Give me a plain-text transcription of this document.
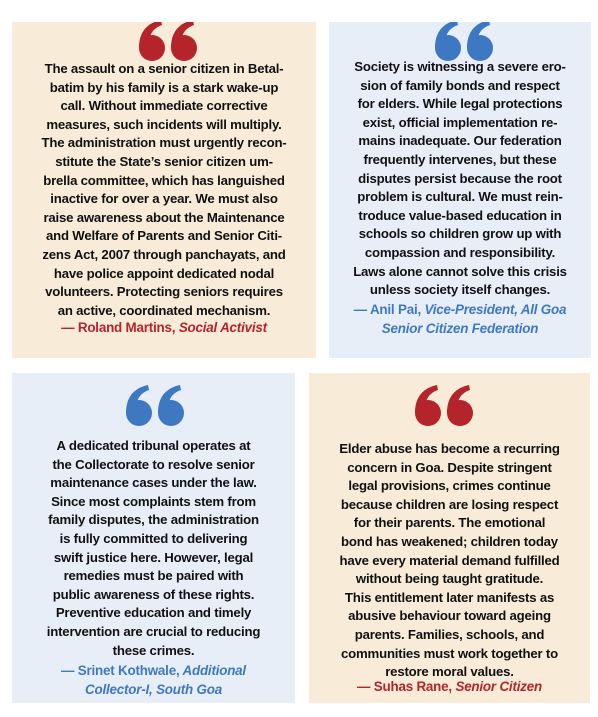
The assault on a senior citizen in Betal-
batim by his family is a stark wake-up
call. Without immediate corrective
measures, such incidents will multiply.
The administration must urgently recon-
stitute the State’s senior citizen um-
brella committee, which has languished
inactive for over a year. We must also
raise awareness about the Maintenance
and Welfare of Parents and Senior Citi-
zens Act, 2007 through panchayats, and
have police appoint dedicated nodal
volunteers. Protecting seniors requires
an active, coordinated mechanism.

— Roland Martins, Social Activist

Society is witnessing a severe ero-
sion of family bonds and respect
for elders. While legal protections
exist, official implementation re-
mains inadequate. Our federation
frequently intervenes, but these
disputes persist because the root
problem is cultural. We must rein-
troduce value-based education in
schools so children grow up with
compassion and responsibility.
Laws alone cannot solve this crisis
unless society itself changes.

— Anil Pai, Vice-President, All Goa
Senior Citizen Federation

A dedicated tribunal operates at
the Collectorate to resolve senior
maintenance cases under the law.
Since most complaints stem from
family disputes, the administration
is fully committed to delivering
swift justice here. However, legal
remedies must be paired with
public awareness of these rights.
Preventive education and timely
intervention are crucial to reducing
these crimes.

— Srinet Kothwale, Additional
Collector-I, South Goa

Elder abuse has become a recurring
concern in Goa. Despite stringent
legal provisions, crimes continue
because children are losing respect
for their parents. The emotional
bond has weakened; children today
have every material demand fulfilled
without being taught gratitude.
This entitlement later manifests as
abusive behaviour toward ageing
parents. Families, schools, and
communities must work together to
restore moral values.

— Suhas Rane, Senior Citizen
